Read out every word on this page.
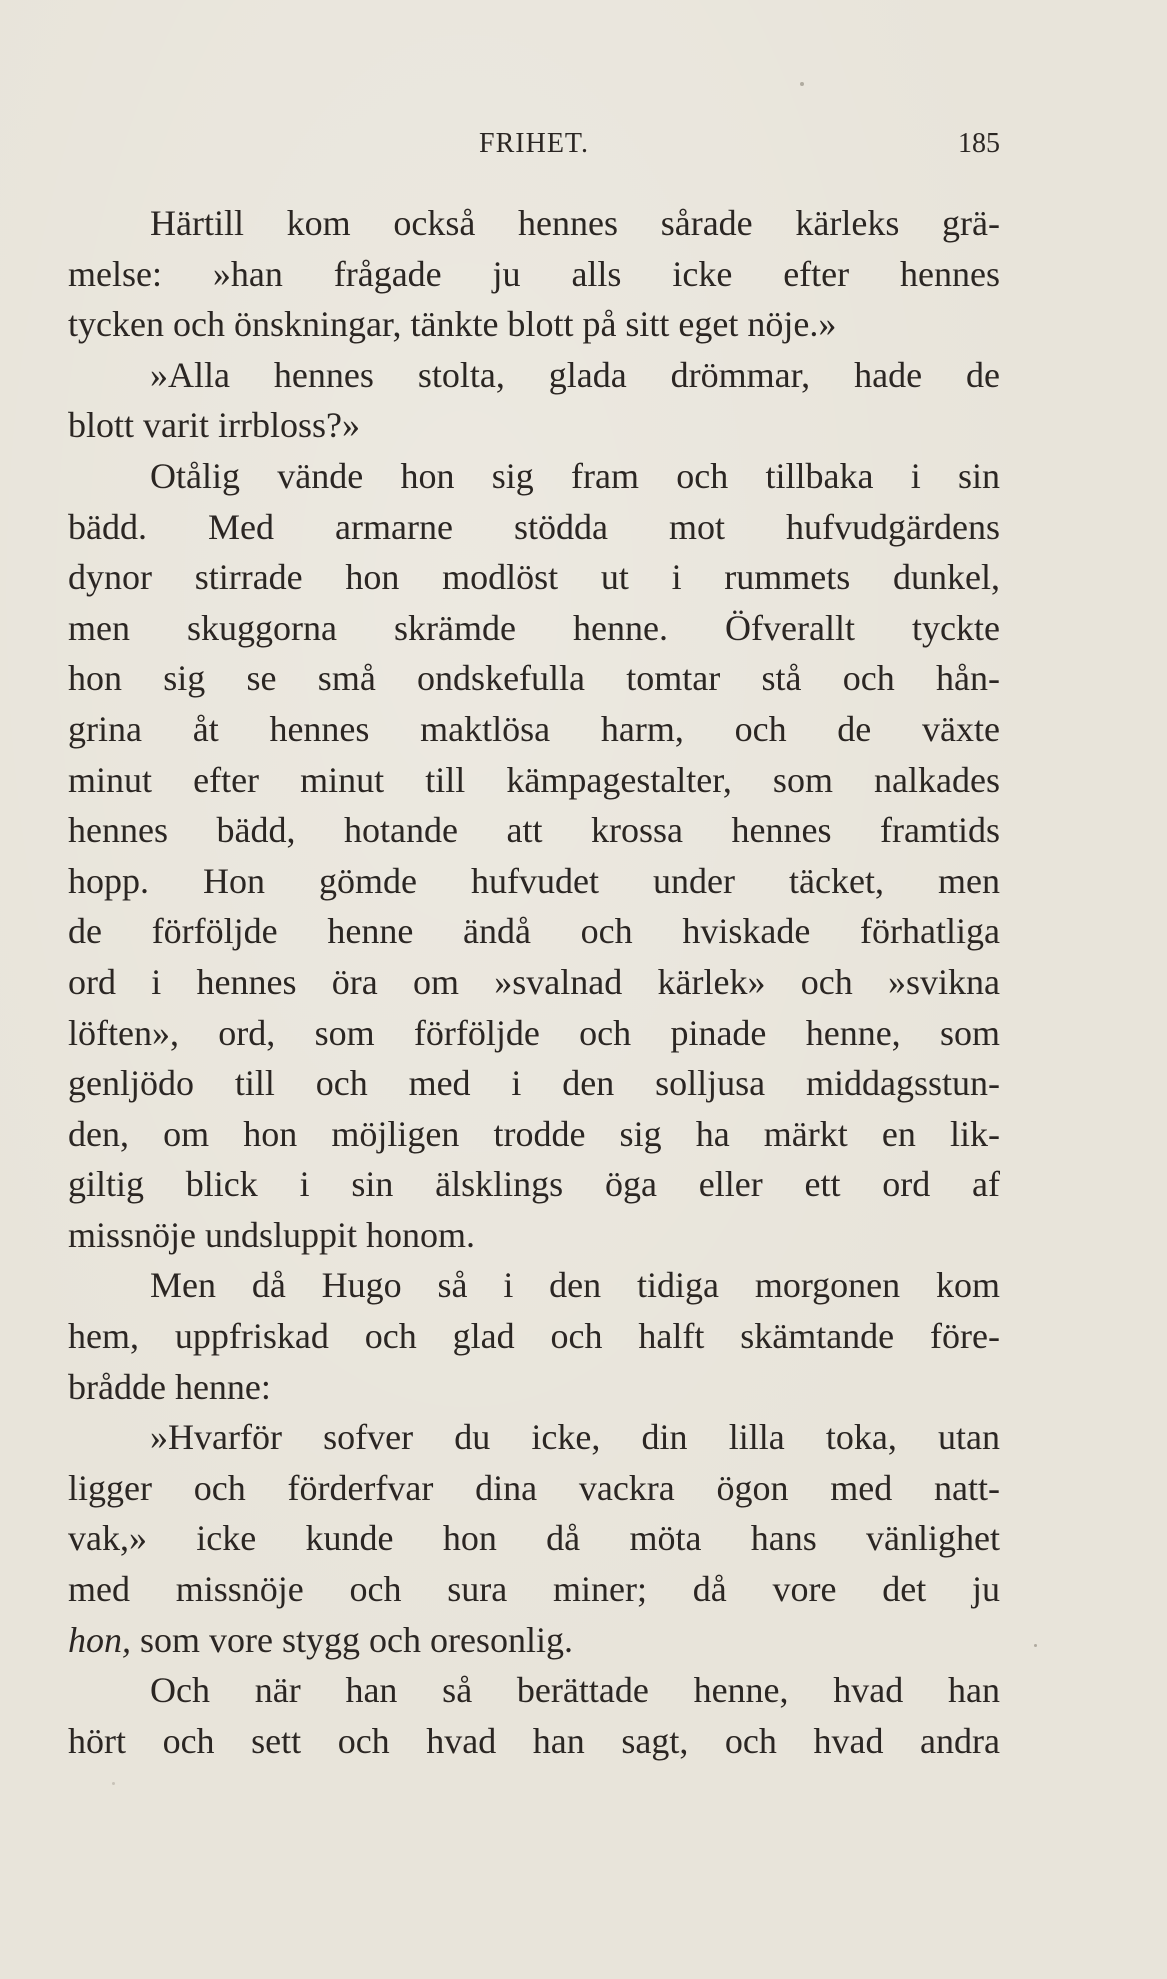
FRIHET.	185
Härtill kom också hennes sårade kärleks grä-
melse: »han frågade ju alls icke efter hennes
tycken och önskningar, tänkte blott på sitt eget nöje.»
»Alla hennes stolta, glada drömmar, hade de
blott varit irrbloss?»
Otålig vände hon sig fram och tillbaka i sin
bädd. Med armarne stödda mot hufvudgärdens
dynor stirrade hon modlöst ut i rummets dunkel,
men skuggorna skrämde henne. Öfverallt tyckte
hon sig se små ondskefulla tomtar stå och hån-
grina åt hennes maktlösa harm, och de växte
minut efter minut till kämpagestalter, som nalkades
hennes bädd, hotande att krossa hennes framtids
hopp. Hon gömde hufvudet under täcket, men
de förföljde henne ändå och hviskade förhatliga
ord i hennes öra om »svalnad kärlek» och »svikna
löften», ord, som förföljde och pinade henne, som
genljödo till och med i den solljusa middagsstun-
den, om hon möjligen trodde sig ha märkt en lik-
giltig blick i sin älsklings öga eller ett ord af
missnöje undsluppit honom.
Men då Hugo så i den tidiga morgonen kom
hem, uppfriskad och glad och halft skämtande före-
brådde henne:
»Hvarför sofver du icke, din lilla toka, utan
ligger och förderfvar dina vackra ögon med natt-
vak,» icke kunde hon då möta hans vänlighet
med missnöje och sura miner; då vore det ju
hon, som vore stygg och oresonlig.
Och när han så berättade henne, hvad han
hört och sett och hvad han sagt, och hvad andra
